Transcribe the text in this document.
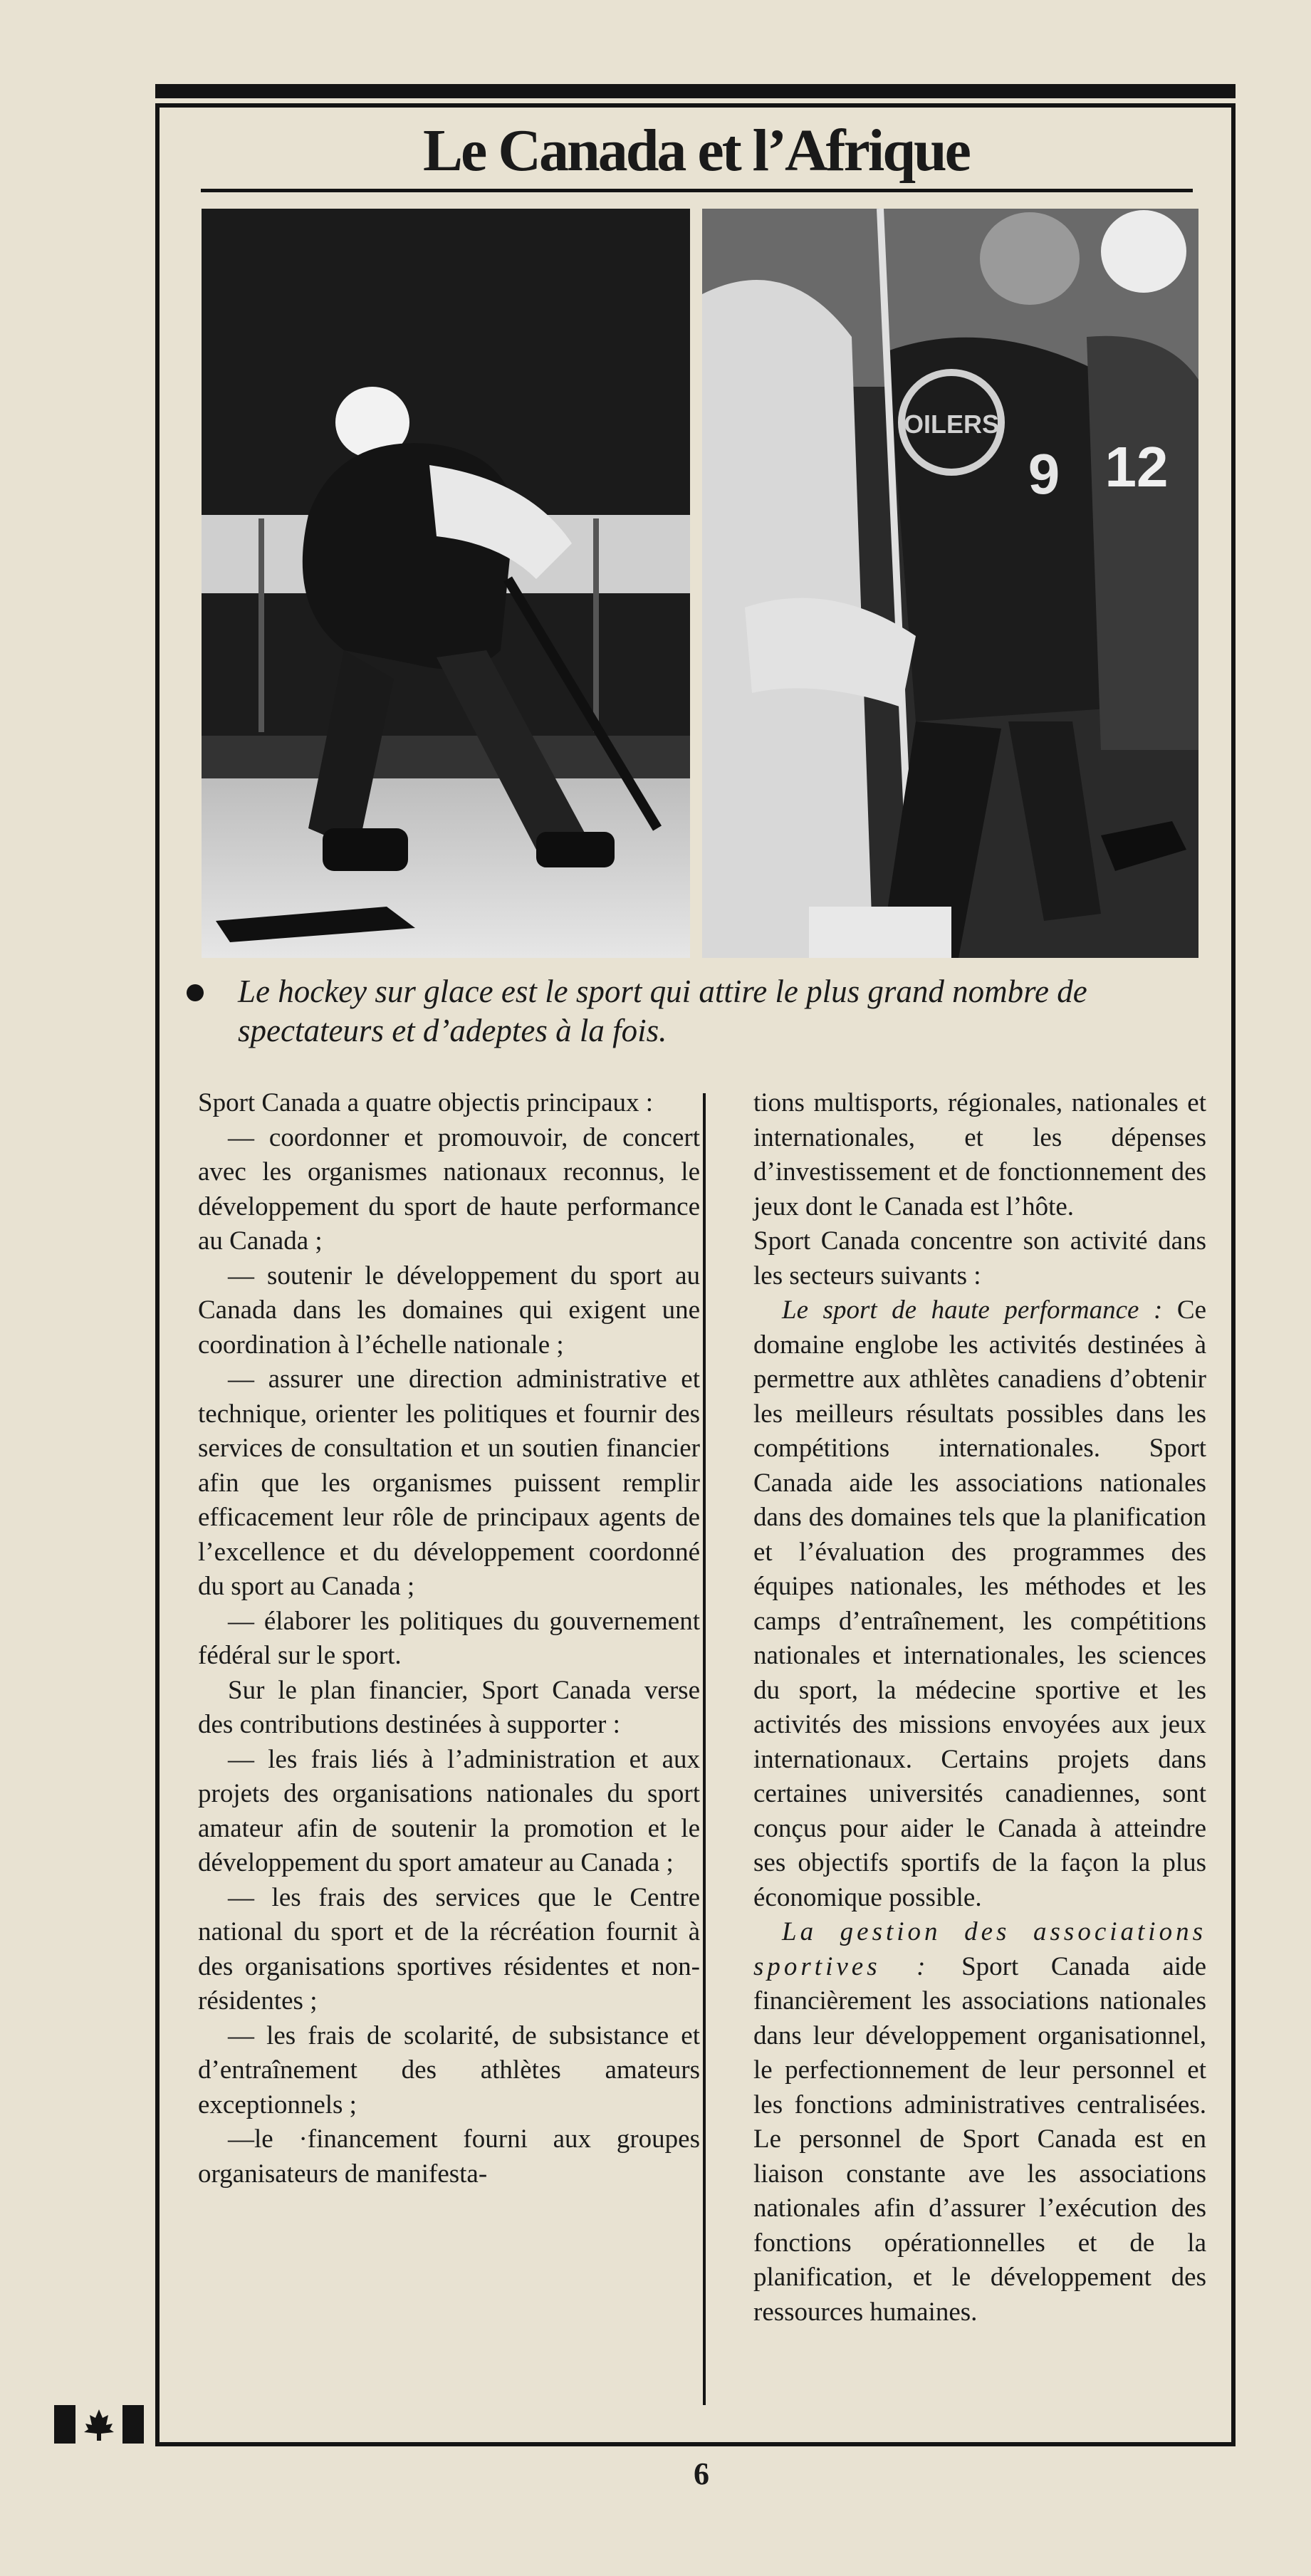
Le Canada et l’Afrique
OILERS
9 12
Le hockey sur glace est le sport qui attire le plus grand nombre de spectateurs et d’adeptes à la fois.

Sport Canada a quatre objectis principaux :

— coordonner et promouvoir, de concert avec les organismes nationaux reconnus, le développement du sport de haute performance au Canada ;

— soutenir le développement du sport au Canada dans les domaines qui exigent une coordination à l’échelle nationale ;

— assurer une direction administrative et technique, orienter les politiques et fournir des services de consultation et un soutien financier afin que les organismes puissent remplir efficacement leur rôle de principaux agents de l’excellence et du développement coordonné du sport au Canada ;

— élaborer les politiques du gouvernement fédéral sur le sport.

Sur le plan financier, Sport Canada verse des contributions destinées à supporter :

— les frais liés à l’administration et aux projets des organisations nationales du sport amateur afin de soutenir la promotion et le développement du sport amateur au Canada ;

— les frais des services que le Centre national du sport et de la récréation fournit à des organisations sportives résidentes et non-résidentes ;

— les frais de scolarité, de subsistance et d’entraînement des athlètes amateurs exceptionnels ;

—le ·financement fourni aux groupes organisateurs de manifesta-

tions multisports, régionales, nationales et internationales, et les dépenses d’investissement et de fonctionnement des jeux dont le Canada est l’hôte.

Sport Canada concentre son activité dans les secteurs suivants :

Le sport de haute performance : Ce domaine englobe les activités destinées à permettre aux athlètes canadiens d’obtenir les meilleurs résultats possibles dans les compétitions internationales. Sport Canada aide les associations nationales dans des domaines tels que la planification et l’évaluation des programmes des équipes nationales, les méthodes et les camps d’entraînement, les compétitions nationales et internationales, les sciences du sport, la médecine sportive et les activités des missions envoyées aux jeux internationaux. Certains projets dans certaines universités canadiennes, sont conçus pour aider le Canada à atteindre ses objectifs sportifs de la façon la plus économique possible.

La gestion des associations sportives : Sport Canada aide financièrement les associations nationales dans leur développement organisationnel, le perfectionnement de leur personnel et les fonctions administratives centralisées. Le personnel de Sport Canada est en liaison constante ave les associations nationales afin d’assurer l’exécution des fonctions opérationnelles et de la planification, et le développement des ressources humaines.

6
